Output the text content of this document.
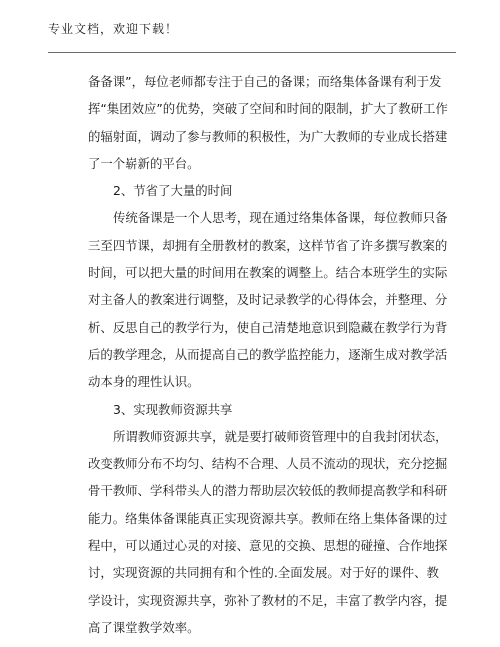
专业文档，欢迎下载！

备备课”，每位老师都专注于自己的备课；而络集体备课有利于发挥“集团效应”的优势，突破了空间和时间的限制，扩大了教研工作的辐射面，调动了参与教师的积极性，为广大教师的专业成长搭建了一个崭新的平台。

2、节省了大量的时间

传统备课是一个人思考，现在通过络集体备课，每位教师只备三至四节课，却拥有全册教材的教案，这样节省了许多撰写教案的时间，可以把大量的时间用在教案的调整上。结合本班学生的实际对主备人的教案进行调整，及时记录教学的心得体会，并整理、分析、反思自己的教学行为，使自己清楚地意识到隐藏在教学行为背后的教学理念，从而提高自己的教学监控能力，逐渐生成对教学活动本身的理性认识。

3、实现教师资源共享

所谓教师资源共享，就是要打破师资管理中的自我封闭状态，改变教师分布不均匀、结构不合理、人员不流动的现状，充分挖掘骨干教师、学科带头人的潜力帮助层次较低的教师提高教学和科研能力。络集体备课能真正实现资源共享。教师在络上集体备课的过程中，可以通过心灵的对接、意见的交换、思想的碰撞、合作地探讨，实现资源的共同拥有和个性的.全面发展。对于好的课件、教学设计，实现资源共享，弥补了教材的不足，丰富了教学内容，提高了课堂教学效率。
